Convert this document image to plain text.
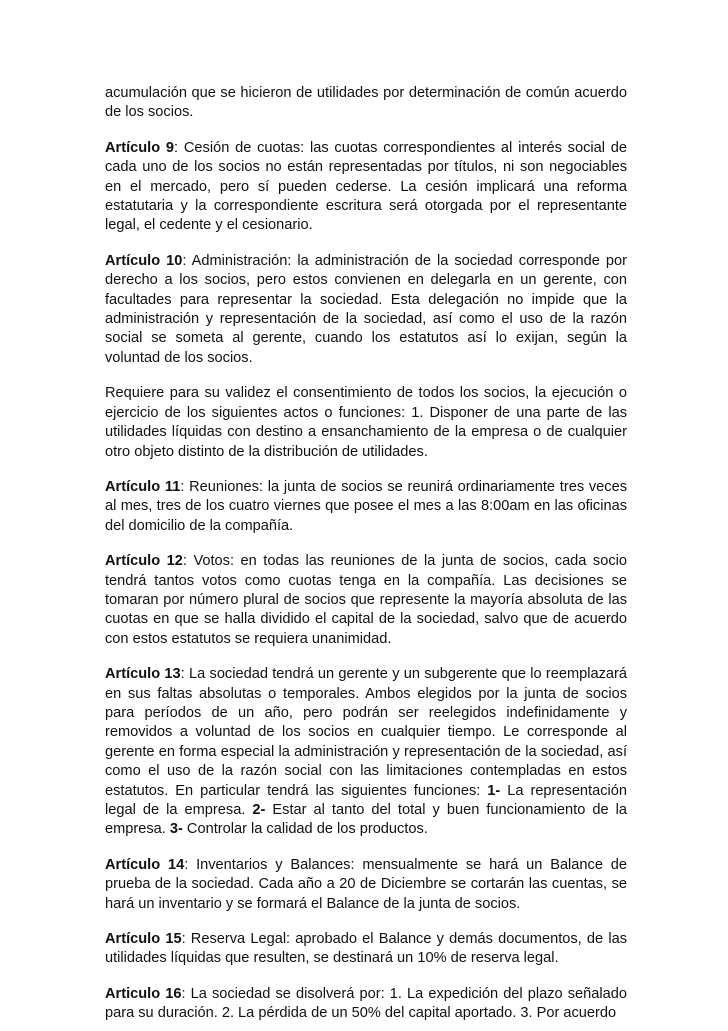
acumulación que se hicieron de utilidades por determinación de común acuerdo de los socios.

Artículo 9: Cesión de cuotas: las cuotas correspondientes al interés social de cada uno de los socios no están representadas por títulos, ni son negociables en el mercado, pero sí pueden cederse. La cesión implicará una reforma estatutaria y la correspondiente escritura será otorgada por el representante legal, el cedente y el cesionario.

Artículo 10: Administración: la administración de la sociedad corresponde por derecho a los socios, pero estos convienen en delegarla en un gerente, con facultades para representar la sociedad. Esta delegación no impide que la administración y representación de la sociedad, así como el uso de la razón social se someta al gerente, cuando los estatutos así lo exijan, según la voluntad de los socios.

Requiere para su validez el consentimiento de todos los socios, la ejecución o ejercicio de los siguientes actos o funciones: 1. Disponer de una parte de las utilidades líquidas con destino a ensanchamiento de la empresa o de cualquier otro objeto distinto de la distribución de utilidades.

Artículo 11: Reuniones: la junta de socios se reunirá ordinariamente tres veces al mes, tres de los cuatro viernes que posee el mes a las 8:00am en las oficinas del domicilio de la compañía.

Artículo 12: Votos: en todas las reuniones de la junta de socios, cada socio tendrá tantos votos como cuotas tenga en la compañía. Las decisiones se tomaran por número plural de socios que represente la mayoría absoluta de las cuotas en que se halla dividido el capital de la sociedad, salvo que de acuerdo con estos estatutos se requiera unanimidad.

Artículo 13: La sociedad tendrá un gerente y un subgerente que lo reemplazará en sus faltas absolutas o temporales. Ambos elegidos por la junta de socios para períodos de un año, pero podrán ser reelegidos indefinidamente y removidos a voluntad de los socios en cualquier tiempo. Le corresponde al gerente en forma especial la administración y representación de la sociedad, así como el uso de la razón social con las limitaciones contempladas en estos estatutos. En particular tendrá las siguientes funciones: 1- La representación legal de la empresa. 2- Estar al tanto del total y buen funcionamiento de la empresa. 3- Controlar la calidad de los productos.

Artículo 14: Inventarios y Balances: mensualmente se hará un Balance de prueba de la sociedad. Cada año a 20 de Diciembre se cortarán las cuentas, se hará un inventario y se formará el Balance de la junta de socios.

Artículo 15: Reserva Legal: aprobado el Balance y demás documentos, de las utilidades líquidas que resulten, se destinará un 10% de reserva legal.

Articulo 16: La sociedad se disolverá por: 1. La expedición del plazo señalado para su duración. 2. La pérdida de un 50% del capital aportado. 3. Por acuerdo
